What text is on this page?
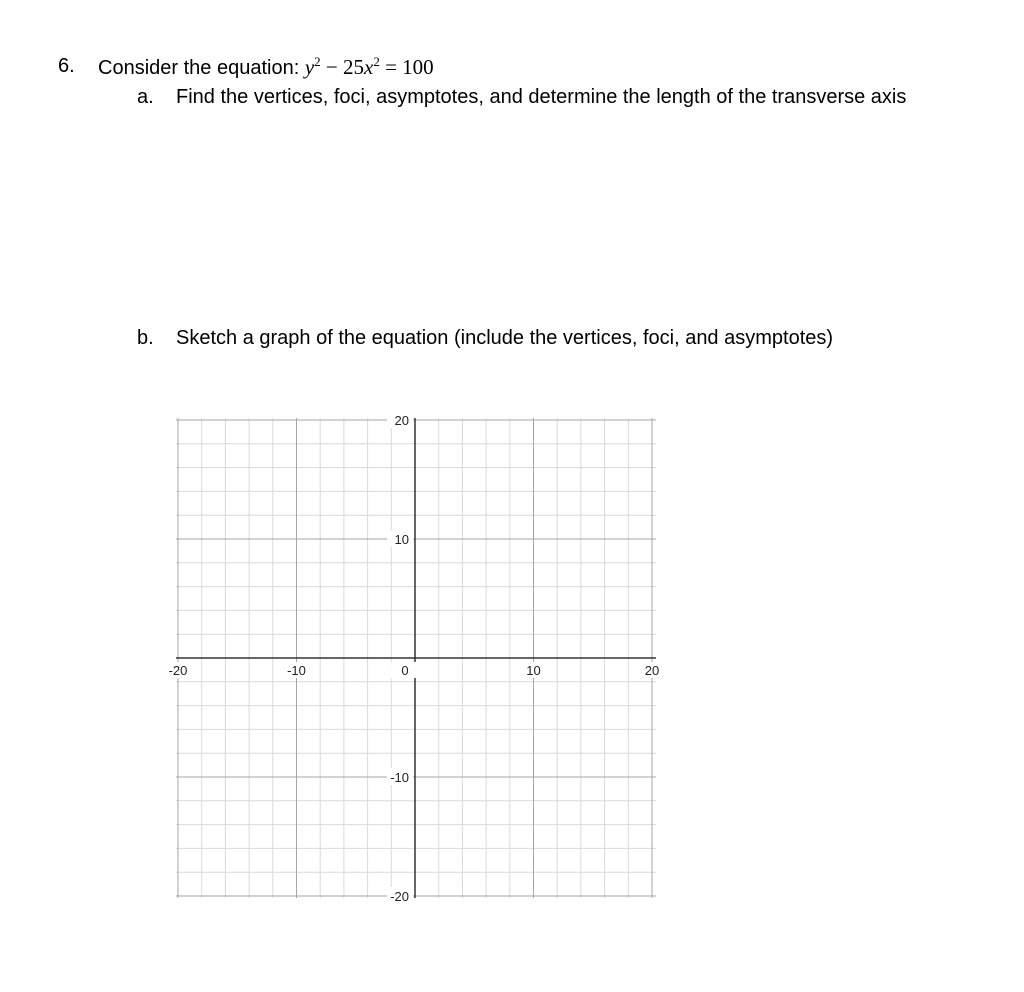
6. Consider the equation: $y^2 - 25x^2 = 100$
a. Find the vertices, foci, asymptotes, and determine the length of the transverse axis
b. Sketch a graph of the equation (include the vertices, foci, and asymptotes)
-20	-10	0	10	20
20
10
-10
-20
